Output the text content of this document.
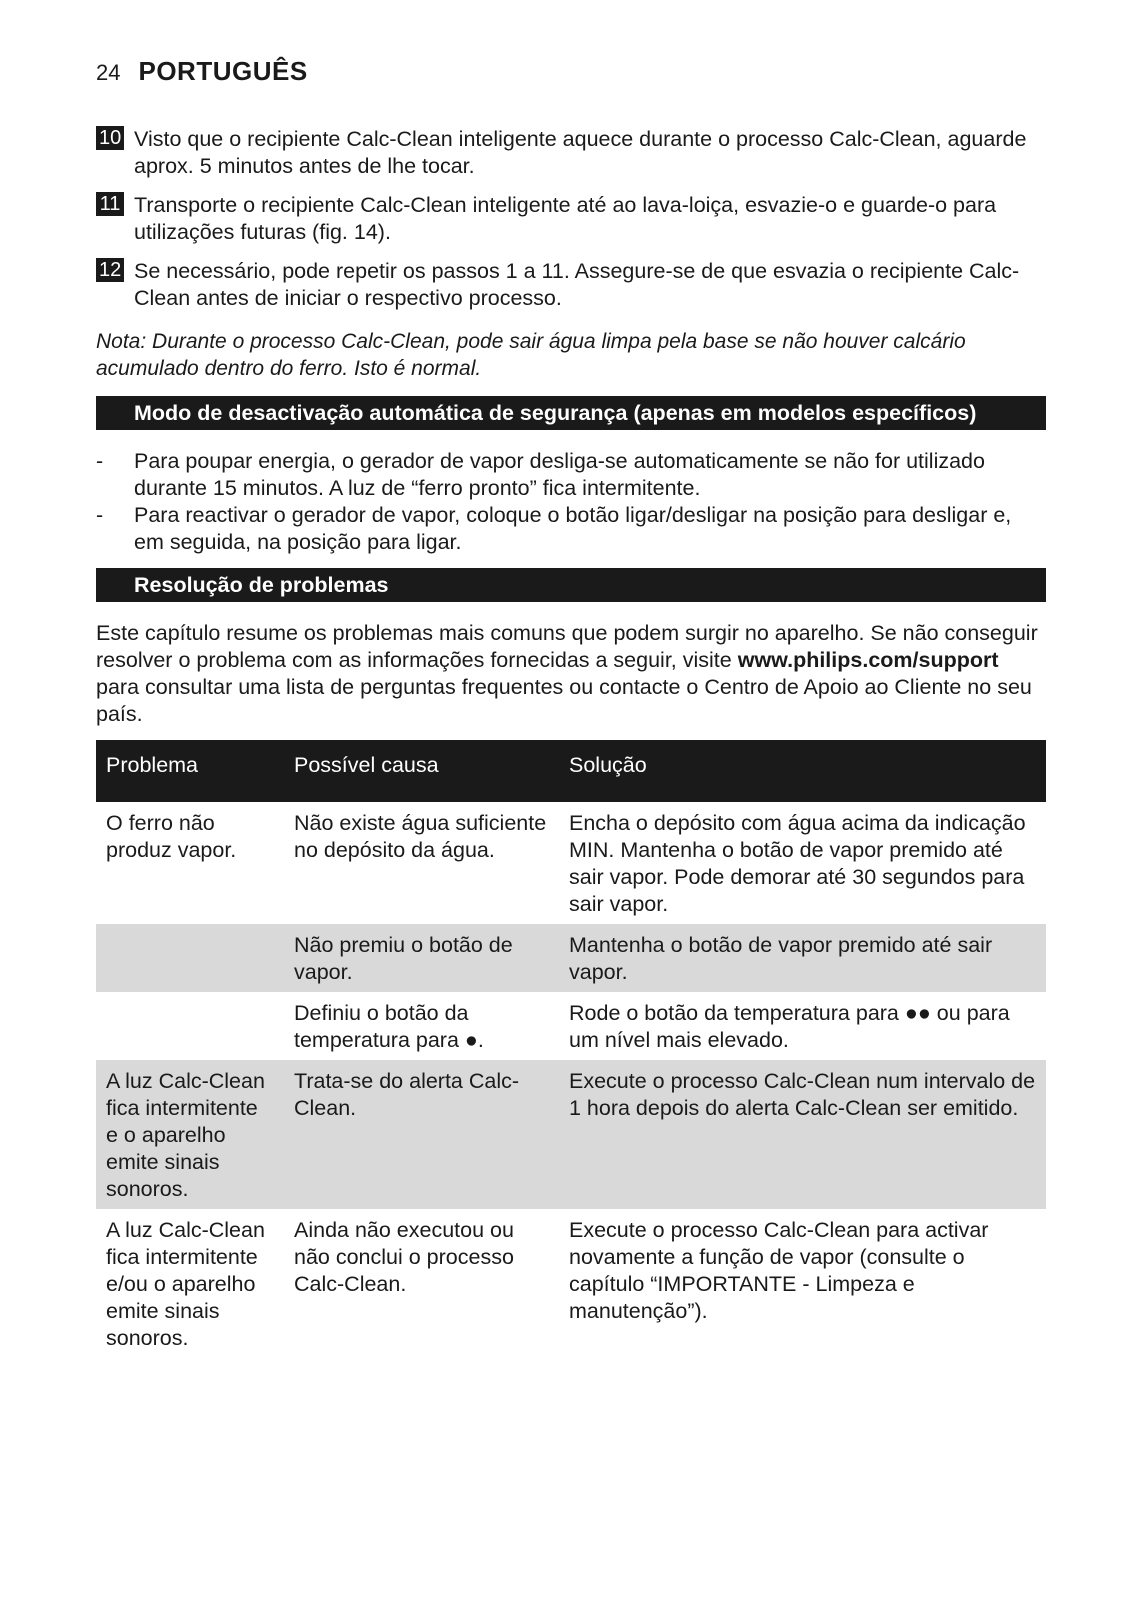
24 PORTUGUÊS
10 Visto que o recipiente Calc-Clean inteligente aquece durante o processo Calc-Clean, aguarde aprox. 5 minutos antes de lhe tocar.
11 Transporte o recipiente Calc-Clean inteligente até ao lava-loiça, esvazie-o e guarde-o para utilizações futuras (fig. 14).
12 Se necessário, pode repetir os passos 1 a 11. Assegure-se de que esvazia o recipiente Calc-Clean antes de iniciar o respectivo processo.
Nota: Durante o processo Calc-Clean, pode sair água limpa pela base se não houver calcário acumulado dentro do ferro. Isto é normal.
Modo de desactivação automática de segurança (apenas em modelos específicos)
- Para poupar energia, o gerador de vapor desliga-se automaticamente se não for utilizado durante 15 minutos. A luz de “ferro pronto” fica intermitente.
- Para reactivar o gerador de vapor, coloque o botão ligar/desligar na posição para desligar e, em seguida, na posição para ligar.
Resolução de problemas
Este capítulo resume os problemas mais comuns que podem surgir no aparelho. Se não conseguir resolver o problema com as informações fornecidas a seguir, visite www.philips.com/support para consultar uma lista de perguntas frequentes ou contacte o Centro de Apoio ao Cliente no seu país.
Problema	Possível causa	Solução
O ferro não produz vapor.	Não existe água suficiente no depósito da água.	Encha o depósito com água acima da indicação MIN. Mantenha o botão de vapor premido até sair vapor. Pode demorar até 30 segundos para sair vapor.
	Não premiu o botão de vapor.	Mantenha o botão de vapor premido até sair vapor.
	Definiu o botão da temperatura para ●.	Rode o botão da temperatura para ●● ou para um nível mais elevado.
A luz Calc-Clean fica intermitente e o aparelho emite sinais sonoros.	Trata-se do alerta Calc-Clean.	Execute o processo Calc-Clean num intervalo de 1 hora depois do alerta Calc-Clean ser emitido.
A luz Calc-Clean fica intermitente e/ou o aparelho emite sinais sonoros.	Ainda não executou ou não conclui o processo Calc-Clean.	Execute o processo Calc-Clean para activar novamente a função de vapor (consulte o capítulo “IMPORTANTE - Limpeza e manutenção”).
